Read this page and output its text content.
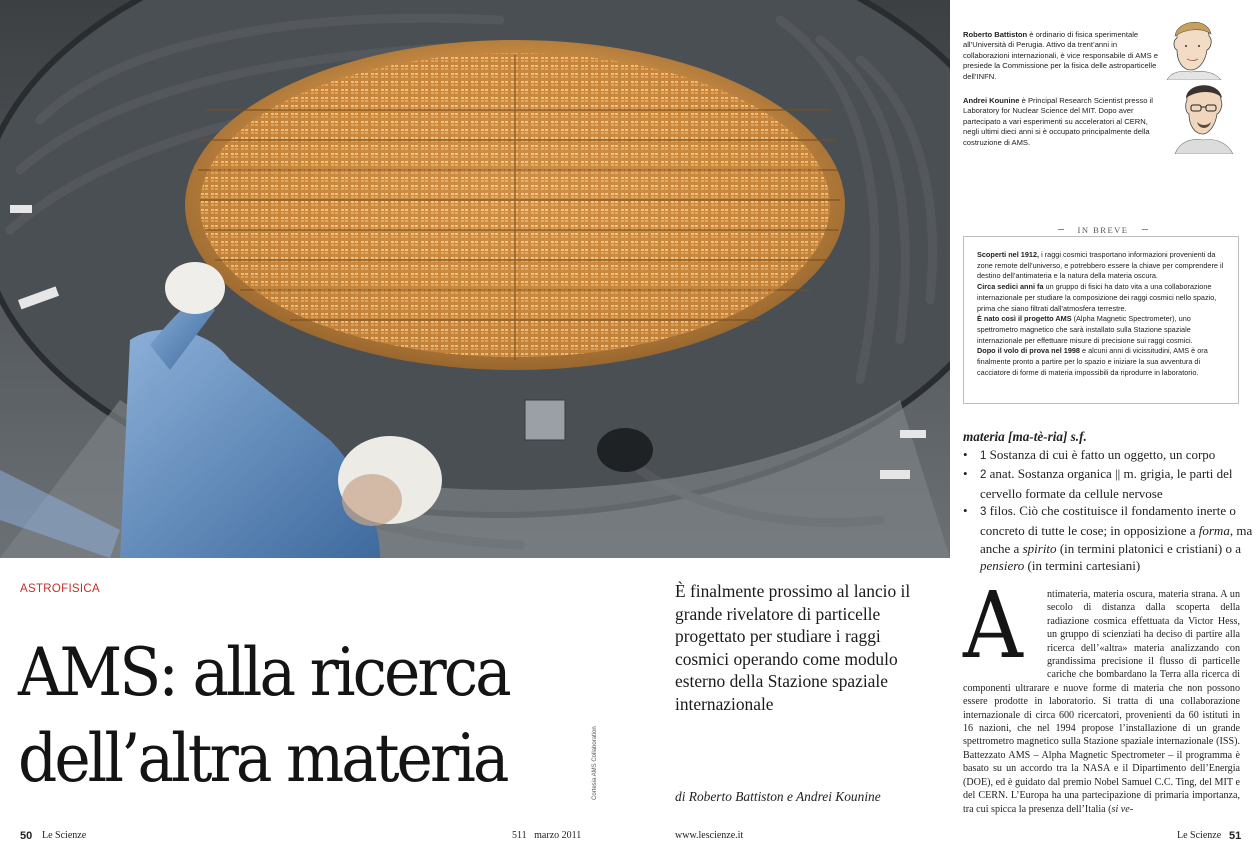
Roberto Battiston è ordinario di fisica sperimentale all’Università di Perugia. Attivo da trent’anni in collaborazioni internazionali, è vice responsabile di AMS e presiede la Commissione per la fisica delle astroparticelle dell’INFN.

Andrei Kounine è Principal Research Scientist presso il Laboratory for Nuclear Science del MIT. Dopo aver partecipato a vari esperimenti su acceleratori al CERN, negli ultimi dieci anni si è occupato principalmente della costruzione di AMS.

IN BREVE

Scoperti nel 1912, i raggi cosmici trasportano informazioni provenienti da zone remote dell’universo, e potrebbero essere la chiave per comprendere il destino dell’antimateria e la natura della materia oscura.

Circa sedici anni fa un gruppo di fisici ha dato vita a una collaborazione internazionale per studiare la composizione dei raggi cosmici nello spazio, prima che siano filtrati dall’atmosfera terrestre.

È nato così il progetto AMS (Alpha Magnetic Spectrometer), uno spettrometro magnetico che sarà installato sulla Stazione spaziale internazionale per effettuare misure di precisione sui raggi cosmici.

Dopo il volo di prova nel 1998 e alcuni anni di vicissitudini, AMS è ora finalmente pronto a partire per lo spazio e iniziare la sua avventura di cacciatore di forme di materia impossibili da riprodurre in laboratorio.

materia [ma-tè-ria] s.f.
• 1 Sostanza di cui è fatto un oggetto, un corpo
• 2 anat. Sostanza organica || m. grigia, le parti del cervello formate da cellule nervose
• 3 filos. Ciò che costituisce il fondamento inerte o concreto di tutte le cose; in opposizione a forma, ma anche a spirito (in termini platonici e cristiani) o a pensiero (in termini cartesiani)
ASTROFISICA
AMS: alla ricerca
dell’altra materia	Cortesia AMS Collaboration
È finalmente prossimo al lancio il grande rivelatore di particelle progettato per studiare i raggi cosmici operando come modulo esterno della Stazione spaziale internazionale
di Roberto Battiston e Andrei Kounine
A	ntimateria, materia oscura, materia strana. A un secolo di distanza dalla scoperta della radiazione cosmica effettuata da Victor Hess, un gruppo di scienziati ha deciso di partire alla ricerca dell’«altra» materia analizzando con grandissima precisione il flusso di particelle cariche che bombardano la Terra alla ricerca di componenti ultrarare e nuove forme di materia che non possono essere prodotte in laboratorio. Si tratta di una collaborazione internazionale di circa 600 ricercatori, provenienti da 60 istituti in 16 nazioni, che nel 1994 propose l’installazione di un grande spettrometro magnetico sulla Stazione spaziale internazionale (ISS). Battezzato AMS – Alpha Magnetic Spectrometer – il programma è basato su un accordo tra la NASA e il Dipartimento dell’Energia (DOE), ed è guidato dal premio Nobel Samuel C.C. Ting, del MIT e del CERN. L’Europa ha una partecipazione di primaria importanza, tra cui spicca la presenza dell’Italia (si ve-
50 Le Scienze	511 marzo 2011	www.lescienze.it	Le Scienze 51
